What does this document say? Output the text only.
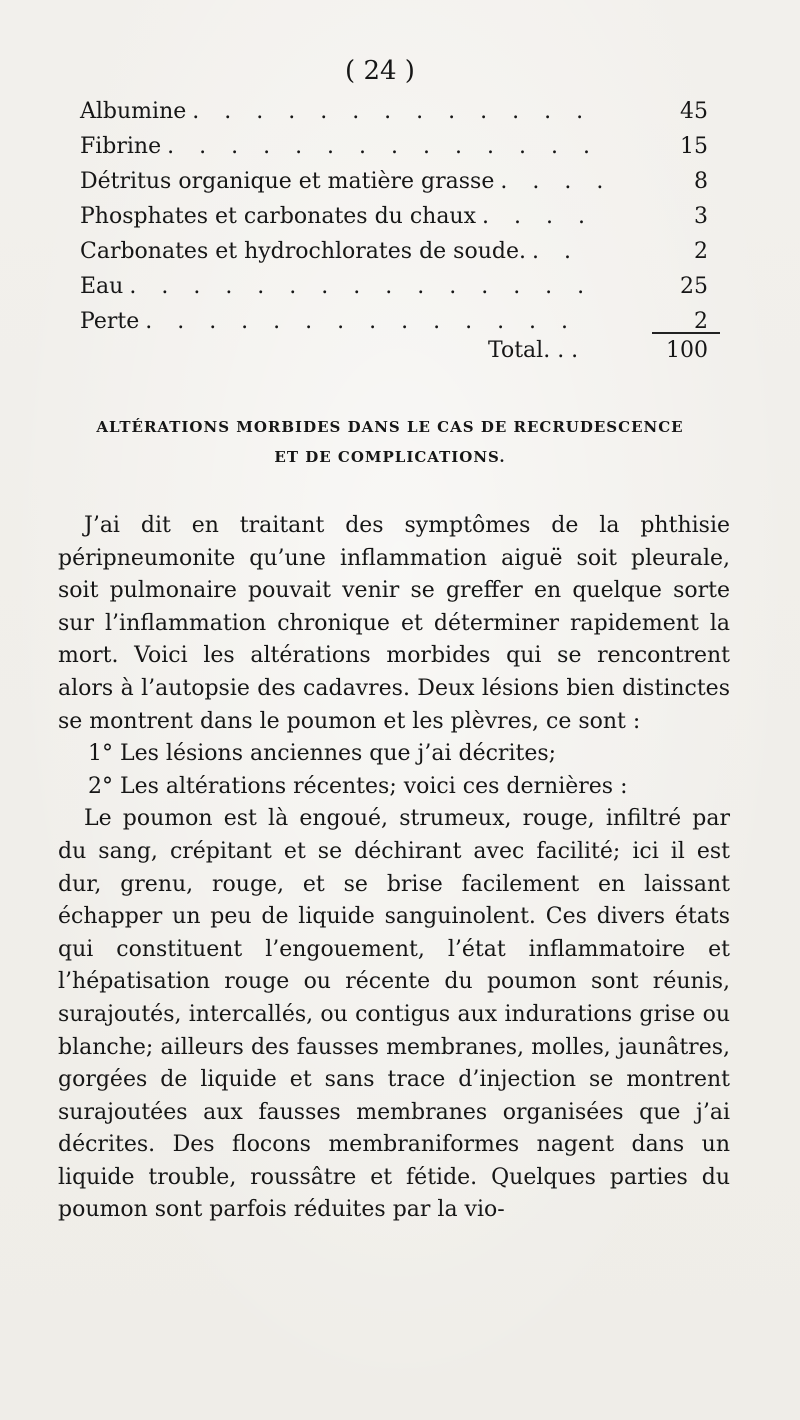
( 24 )
Albumine . . . . . . . . . . . . .	45
Fibrine . . . . . . . . . . . . . .	15
Détritus organique et matière grasse . . . .	8
Phosphates et carbonates du chaux . . . .	3
Carbonates et hydrochlorates de soude. . .	2
Eau . . . . . . . . . . . . . . .	25
Perte . . . . . . . . . . . . . .	2
Total. . .	100
ALTÉRATIONS MORBIDES DANS LE CAS DE RECRUDESCENCE
ET DE COMPLICATIONS.

J’ai dit en traitant des symptômes de la phthisie péripneumonite qu’une inflammation aiguë soit pleurale, soit pulmonaire pouvait venir se greffer en quelque sorte sur l’inflammation chronique et déterminer rapidement la mort. Voici les altérations morbides qui se rencontrent alors à l’autopsie des cadavres. Deux lésions bien distinctes se montrent dans le poumon et les plèvres, ce sont :

1° Les lésions anciennes que j’ai décrites;

2° Les altérations récentes; voici ces dernières :

Le poumon est là engoué, strumeux, rouge, infiltré par du sang, crépitant et se déchirant avec facilité; ici il est dur, grenu, rouge, et se brise facilement en laissant échapper un peu de liquide sanguinolent. Ces divers états qui constituent l’engouement, l’état inflammatoire et l’hépatisation rouge ou récente du poumon sont réunis, surajoutés, intercallés, ou contigus aux indurations grise ou blanche; ailleurs des fausses membranes, molles, jaunâtres, gorgées de liquide et sans trace d’injection se montrent surajoutées aux fausses membranes organisées que j’ai décrites. Des flocons membraniformes nagent dans un liquide trouble, roussâtre et fétide. Quelques parties du poumon sont parfois réduites par la vio-
